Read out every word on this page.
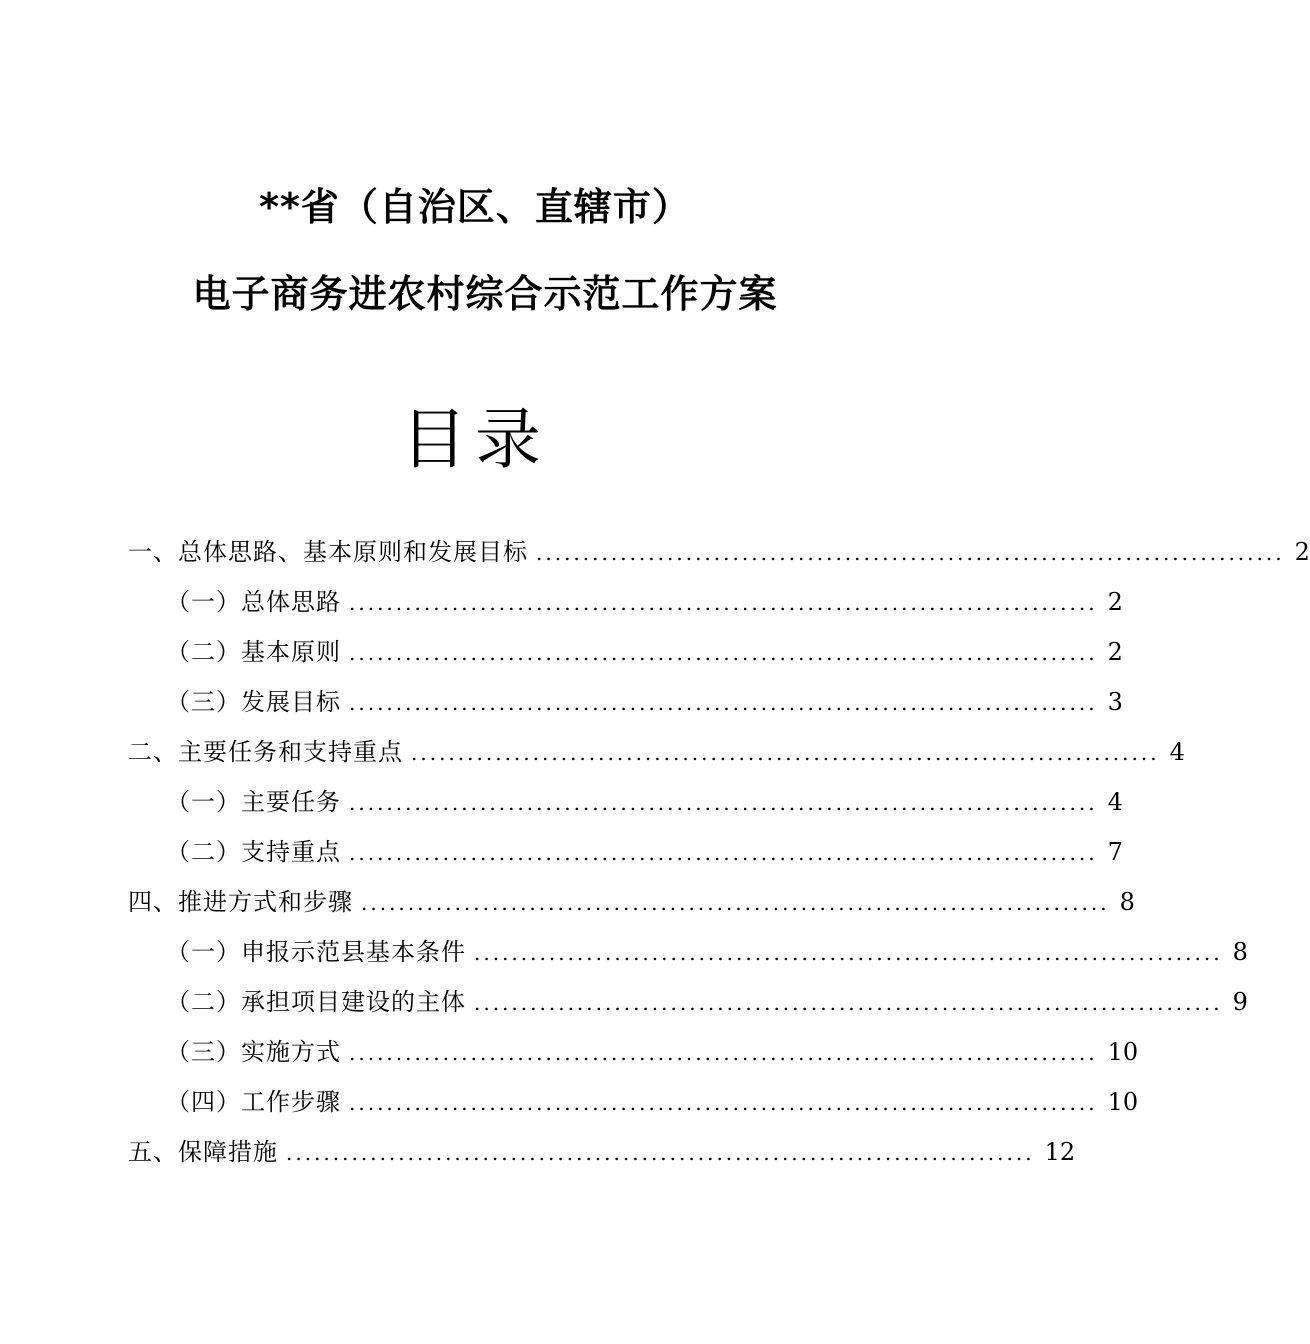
**省（自治区、直辖市）
电子商务进农村综合示范工作方案
目录
一、总体思路、基本原则和发展目标 ................................................................................ 2
（一）总体思路 ................................................................................ 2
（二）基本原则 ................................................................................ 2
（三）发展目标 ................................................................................ 3
二、主要任务和支持重点 ................................................................................ 4
（一）主要任务 ................................................................................ 4
（二）支持重点 ................................................................................ 7
四、推进方式和步骤 ................................................................................ 8
（一）申报示范县基本条件 ................................................................................ 8
（二）承担项目建设的主体 ................................................................................ 9
（三）实施方式 ................................................................................ 10
（四）工作步骤 ................................................................................ 10
五、保障措施 ................................................................................ 12
